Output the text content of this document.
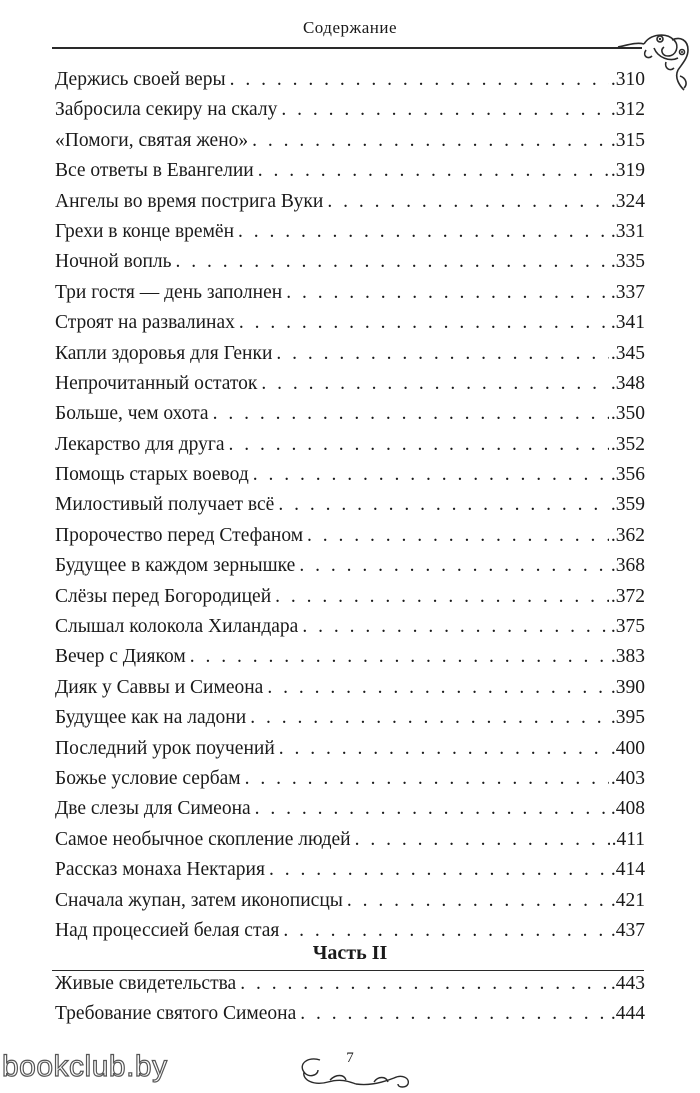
Содержание
Держись своей веры . . .	.310
Забросила секиру на скалу . . .	.312
«Помоги, святая жено» . . .	.315
Все ответы в Евангелии . . .	.319
Ангелы во время пострига Вуки . . .	.324
Грехи в конце времён . . .	.331
Ночной вопль . . .	.335
Три гостя — день заполнен . . .	.337
Строят на развалинах . . .	.341
Капли здоровья для Генки . . .	.345
Непрочитанный остаток . . .	.348
Больше, чем охота . . .	.350
Лекарство для друга . . .	.352
Помощь старых воевод . . .	.356
Милостивый получает всё . . .	.359
Пророчество перед Стефаном . . .	.362
Будущее в каждом зернышке . . .	.368
Слёзы перед Богородицей . . .	.372
Слышал колокола Хиландара . . .	.375
Вечер с Дияком . . .	.383
Дияк у Саввы и Симеона . . .	.390
Будущее как на ладони . . .	.395
Последний урок поучений . . .	.400
Божье условие сербам . . .	.403
Две слезы для Симеона . . .	.408
Самое необычное скопление людей . . .	.411
Рассказ монаха Нектария . . .	.414
Сначала жупан, затем иконописцы . . .	.421
Над процессией белая стая . . .	.437
Часть II
Живые свидетельства . . .	.443
Требование святого Симеона . . .	.444
7
bookclub.by
